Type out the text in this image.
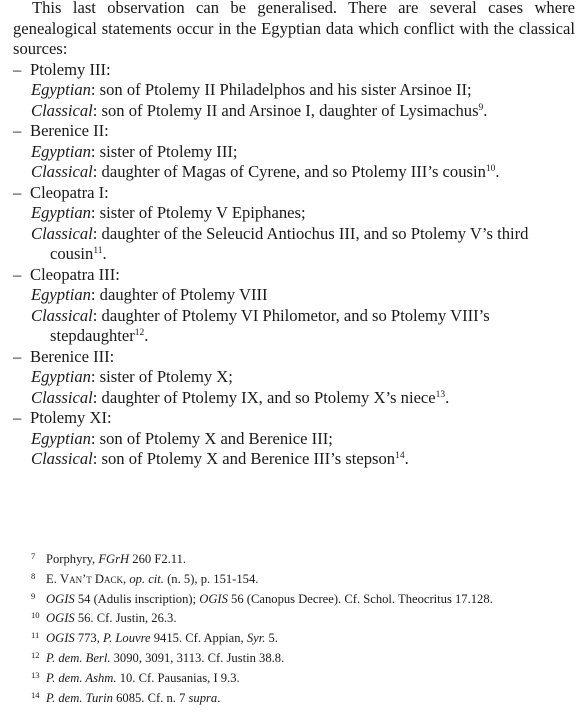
This last observation can be generalised. There are several cases where genealogical statements occur in the Egyptian data which conflict with the classical sources:

– Ptolemy III:

Egyptian: son of Ptolemy II Philadelphos and his sister Arsinoe II;

Classical: son of Ptolemy II and Arsinoe I, daughter of Lysimachus$^9$.

– Berenice II:

Egyptian: sister of Ptolemy III;

Classical: daughter of Magas of Cyrene, and so Ptolemy III’s cousin$^{10}$.

– Cleopatra I:

Egyptian: sister of Ptolemy V Epiphanes;

Classical: daughter of the Seleucid Antiochus III, and so Ptolemy V’s third cousin$^{11}$.

– Cleopatra III:

Egyptian: daughter of Ptolemy VIII

Classical: daughter of Ptolemy VI Philometor, and so Ptolemy VIII’s stepdaughter$^{12}$.

– Berenice III:

Egyptian: sister of Ptolemy X;

Classical: daughter of Ptolemy IX, and so Ptolemy X’s niece$^{13}$.

– Ptolemy XI:

Egyptian: son of Ptolemy X and Berenice III;

Classical: son of Ptolemy X and Berenice III’s stepson$^{14}$.

7 Porphyry, FGrH 260 F2.11.

8 E. Van’t Dack, op. cit. (n. 5), p. 151-154.

9 OGIS 54 (Adulis inscription); OGIS 56 (Canopus Decree). Cf. Schol. Theocritus 17.128.

10 OGIS 56. Cf. Justin, 26.3.

11 OGIS 773, P. Louvre 9415. Cf. Appian, Syr. 5.

12 P. dem. Berl. 3090, 3091, 3113. Cf. Justin 38.8.

13 P. dem. Ashm. 10. Cf. Pausanias, I 9.3.

14 P. dem. Turin 6085. Cf. n. 7 supra.
